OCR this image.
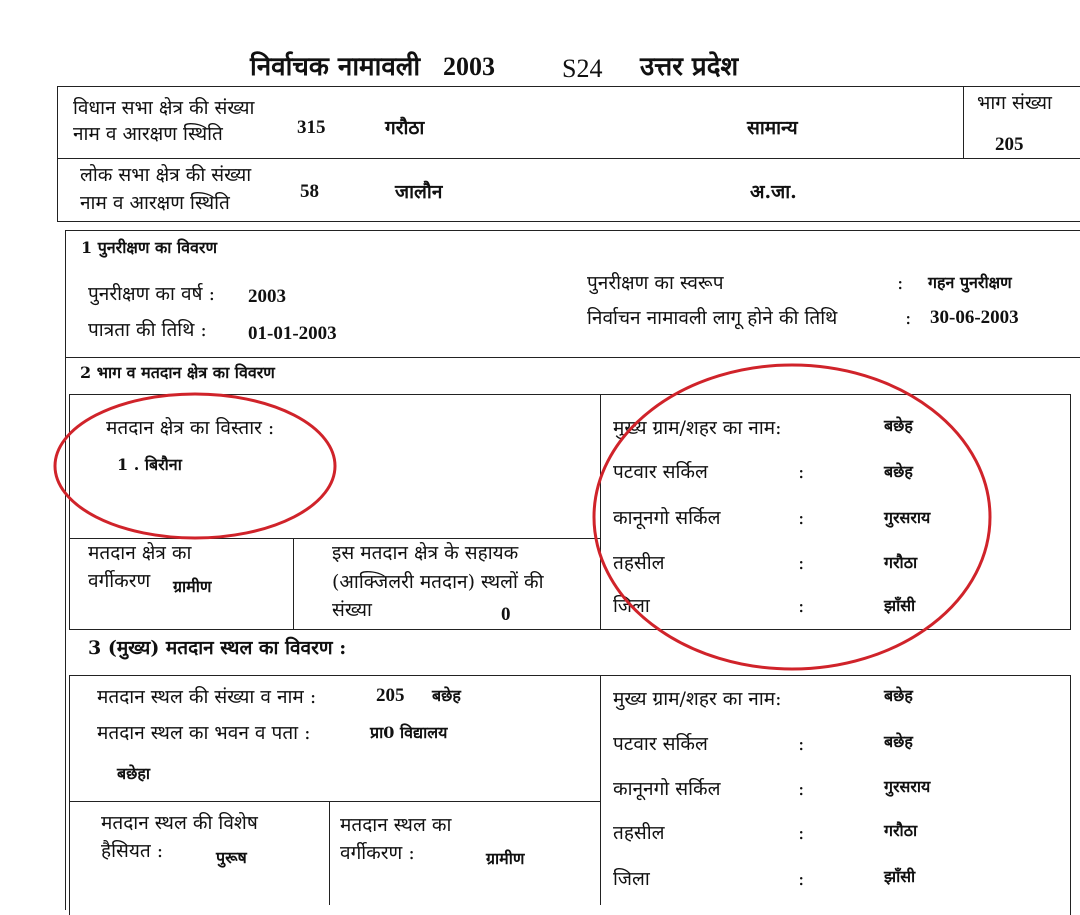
निर्वाचक नामावली 2003	S24 उत्तर प्रदेश
विधान सभा क्षेत्र की संख्या
नाम व आरक्षण स्थिति	315	गरौठा	सामान्य
भाग संख्या
205
लोक सभा क्षेत्र की संख्या
नाम व आरक्षण स्थिति
58	जालौन	अ.जा.
1 पुनरीक्षण का विवरण
पुनरीक्षण का वर्ष : 2003
पात्रता की तिथि : 01-01-2003
पुनरीक्षण का स्वरूप	: गहन पुनरीक्षण
निर्वाचन नामावली लागू होने की तिथि	: 30-06-2003
2 भाग व मतदान क्षेत्र का विवरण
मतदान क्षेत्र का विस्तार :
1 . बिरौना
मतदान क्षेत्र का
वर्गीकरण ग्रामीण
इस मतदान क्षेत्र के सहायक
(आक्जिलरी मतदान) स्थलों की
संख्या	0
मुख्य ग्राम/शहर का नाम:	बछेह
पटवार सर्किल	:	बछेह
कानूनगो सर्किल	:	गुरसराय
तहसील	:	गरौठा
जिला	:	झाँसी
3 (मुख्य) मतदान स्थल का विवरण :
मतदान स्थल की संख्या व नाम :	205 बछेह
मतदान स्थल का भवन व पता :	प्रा0 विद्यालय
बछेहा
मतदान स्थल की विशेष
हैसियत :	पुरूष
मतदान स्थल का
वर्गीकरण :	ग्रामीण
मुख्य ग्राम/शहर का नाम:	बछेह
पटवार सर्किल	:	बछेह
कानूनगो सर्किल	:	गुरसराय
तहसील	:	गरौठा
जिला	:	झाँसी
